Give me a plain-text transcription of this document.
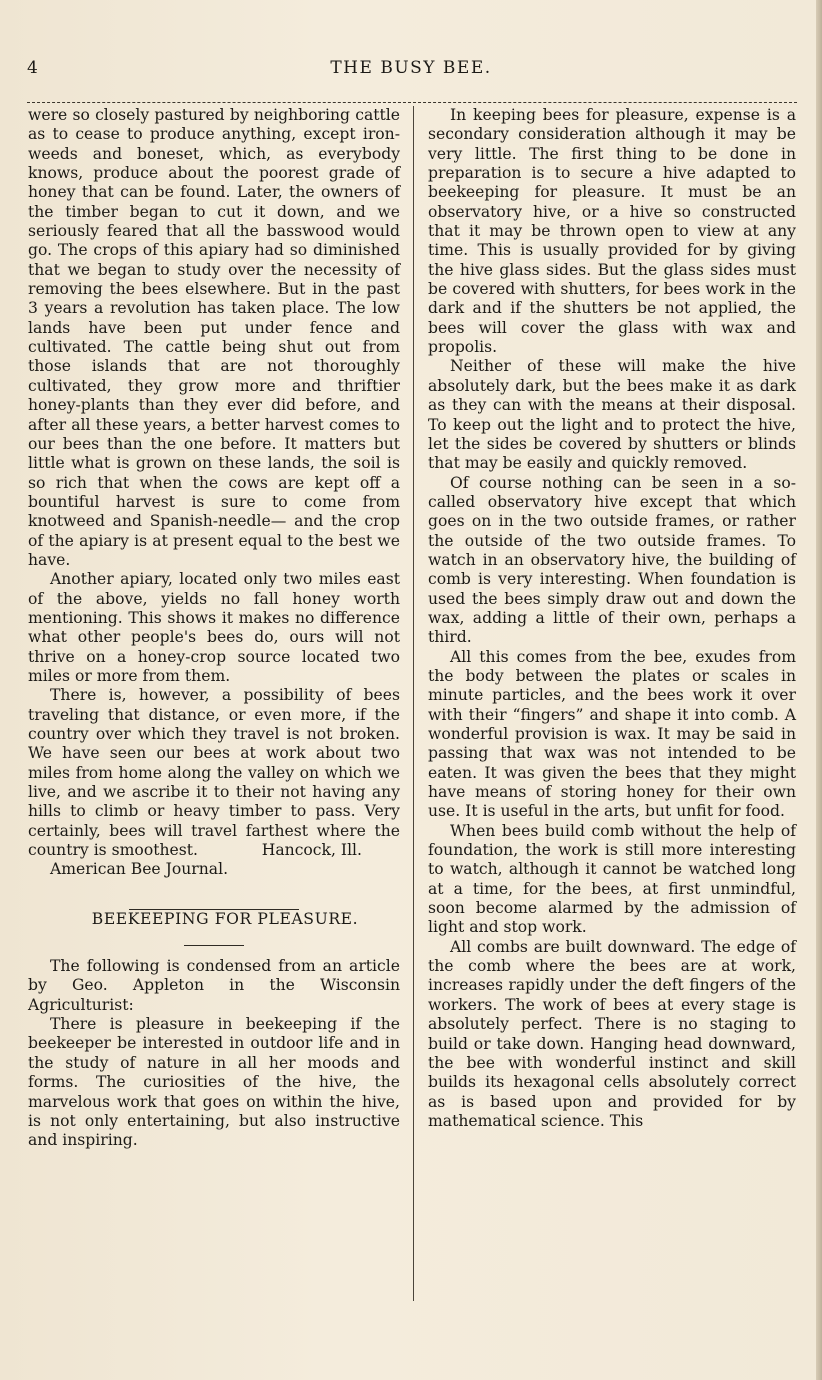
4	THE BUSY BEE.

were so closely pastured by neighboring cattle as to cease to produce anything, except iron-weeds and boneset, which, as everybody knows, produce about the poorest grade of honey that can be found. Later, the owners of the timber began to cut it down, and we seriously feared that all the basswood would go. The crops of this apiary had so diminished that we began to study over the necessity of removing the bees elsewhere. But in the past 3 years a revolution has taken place. The low lands have been put under fence and cultivated. The cattle being shut out from those islands that are not thoroughly cultivated, they grow more and thriftier honey-plants than they ever did before, and after all these years, a better harvest comes to our bees than the one before. It matters but little what is grown on these lands, the soil is so rich that when the cows are kept off a bountiful harvest is sure to come from knotweed and Spanish-needle— and the crop of the apiary is at present equal to the best we have.

Another apiary, located only two miles east of the above, yields no fall honey worth mentioning. This shows it makes no difference what other people's bees do, ours will not thrive on a honey-crop source located two miles or more from them.

There is, however, a possibility of bees traveling that distance, or even more, if the country over which they travel is not broken. We have seen our bees at work about two miles from home along the valley on which we live, and we ascribe it to their not having any hills to climb or heavy timber to pass. Very certainly, bees will travel farthest where the country is smoothest.	Hancock, Ill.

American Bee Journal.

BEEKEEPING FOR PLEASURE.

The following is condensed from an article by Geo. Appleton in the Wisconsin Agriculturist:

There is pleasure in beekeeping if the beekeeper be interested in outdoor life and in the study of nature in all her moods and forms. The curiosities of the hive, the marvelous work that goes on within the hive, is not only entertaining, but also instructive and inspiring.

In keeping bees for pleasure, expense is a secondary consideration although it may be very little. The first thing to be done in preparation is to secure a hive adapted to beekeeping for pleasure. It must be an observatory hive, or a hive so constructed that it may be thrown open to view at any time. This is usually provided for by giving the hive glass sides. But the glass sides must be covered with shutters, for bees work in the dark and if the shutters be not applied, the bees will cover the glass with wax and propolis.

Neither of these will make the hive absolutely dark, but the bees make it as dark as they can with the means at their disposal. To keep out the light and to protect the hive, let the sides be covered by shutters or blinds that may be easily and quickly removed.

Of course nothing can be seen in a so-called observatory hive except that which goes on in the two outside frames, or rather the outside of the two outside frames. To watch in an observatory hive, the building of comb is very interesting. When foundation is used the bees simply draw out and down the wax, adding a little of their own, perhaps a third.

All this comes from the bee, exudes from the body between the plates or scales in minute particles, and the bees work it over with their “fingers” and shape it into comb. A wonderful provision is wax. It may be said in passing that wax was not intended to be eaten. It was given the bees that they might have means of storing honey for their own use. It is useful in the arts, but unfit for food.

When bees build comb without the help of foundation, the work is still more interesting to watch, although it cannot be watched long at a time, for the bees, at first unmindful, soon become alarmed by the admission of light and stop work.

All combs are built downward. The edge of the comb where the bees are at work, increases rapidly under the deft fingers of the workers. The work of bees at every stage is absolutely perfect. There is no staging to build or take down. Hanging head downward, the bee with wonderful instinct and skill builds its hexagonal cells absolutely correct as is based upon and provided for by mathematical science. This
